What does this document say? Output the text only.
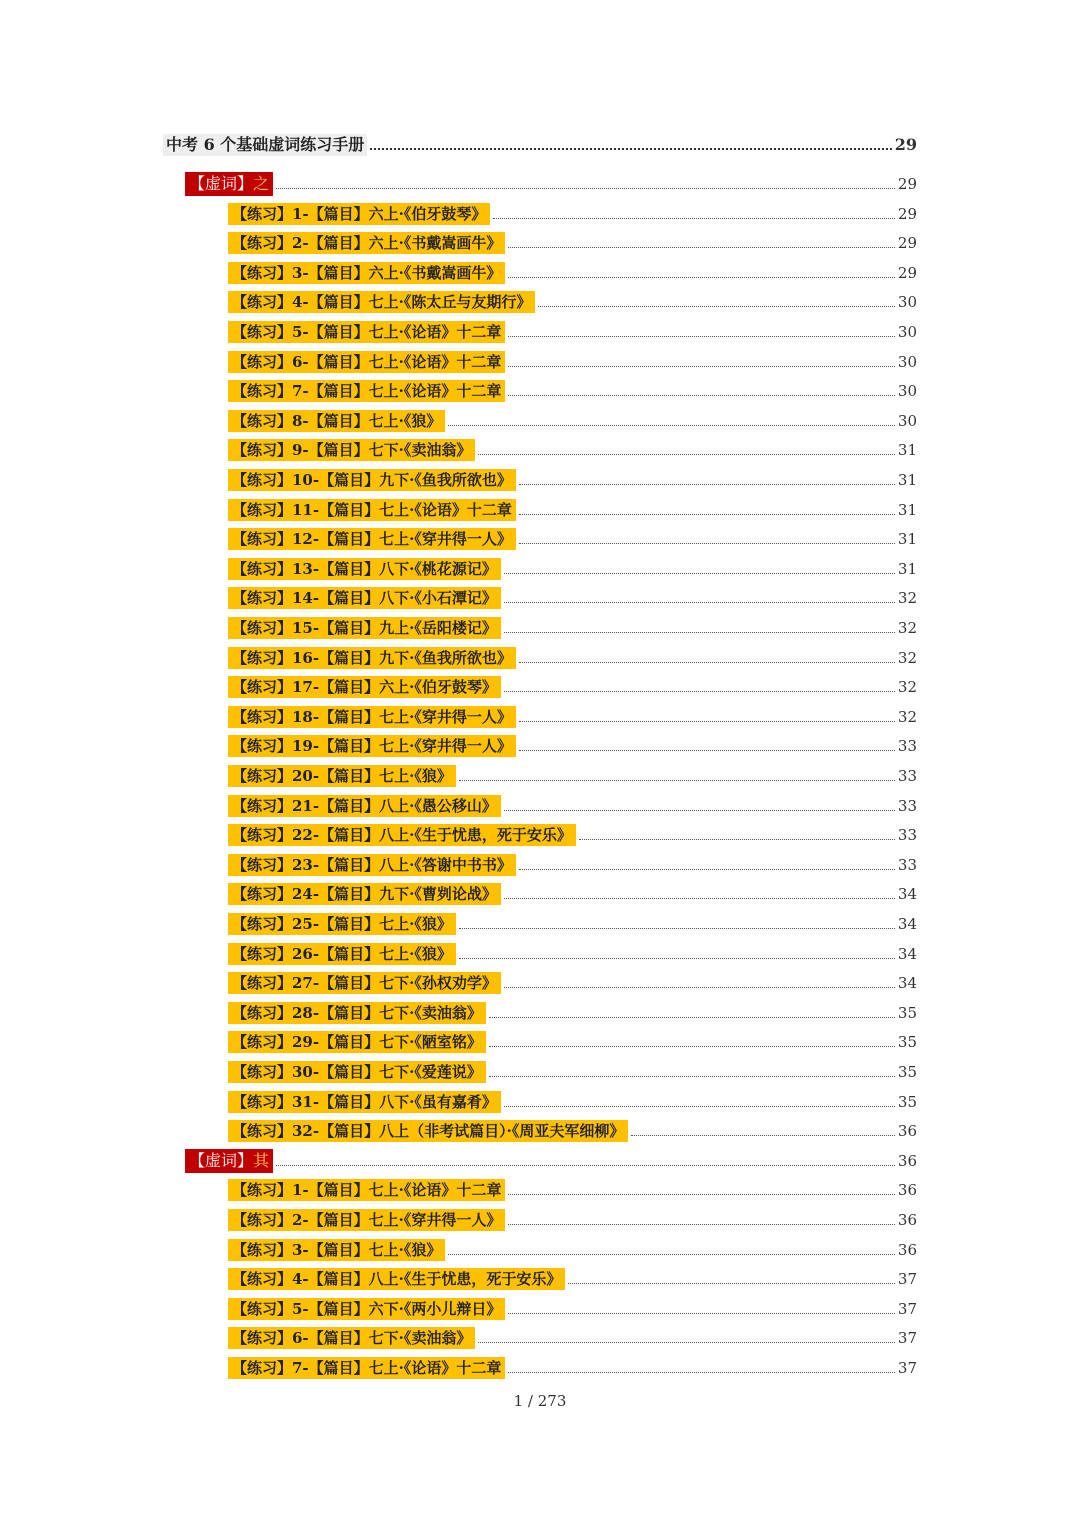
中考 6 个基础虚词练习手册	29
【虚词】之	29
【练习】1-【篇目】六上·《伯牙鼓琴》	29
【练习】2-【篇目】六上·《书戴嵩画牛》	29
【练习】3-【篇目】六上·《书戴嵩画牛》	29
【练习】4-【篇目】七上·《陈太丘与友期行》	30
【练习】5-【篇目】七上·《论语》十二章	30
【练习】6-【篇目】七上·《论语》十二章	30
【练习】7-【篇目】七上·《论语》十二章	30
【练习】8-【篇目】七上·《狼》	30
【练习】9-【篇目】七下·《卖油翁》	31
【练习】10-【篇目】九下·《鱼我所欲也》	31
【练习】11-【篇目】七上·《论语》十二章	31
【练习】12-【篇目】七上·《穿井得一人》	31
【练习】13-【篇目】八下·《桃花源记》	31
【练习】14-【篇目】八下·《小石潭记》	32
【练习】15-【篇目】九上·《岳阳楼记》	32
【练习】16-【篇目】九下·《鱼我所欲也》	32
【练习】17-【篇目】六上·《伯牙鼓琴》	32
【练习】18-【篇目】七上·《穿井得一人》	32
【练习】19-【篇目】七上·《穿井得一人》	33
【练习】20-【篇目】七上·《狼》	33
【练习】21-【篇目】八上·《愚公移山》	33
【练习】22-【篇目】八上·《生于忧患，死于安乐》	33
【练习】23-【篇目】八上·《答谢中书书》	33
【练习】24-【篇目】九下·《曹刿论战》	34
【练习】25-【篇目】七上·《狼》	34
【练习】26-【篇目】七上·《狼》	34
【练习】27-【篇目】七下·《孙权劝学》	34
【练习】28-【篇目】七下·《卖油翁》	35
【练习】29-【篇目】七下·《陋室铭》	35
【练习】30-【篇目】七下·《爱莲说》	35
【练习】31-【篇目】八下·《虽有嘉肴》	35
【练习】32-【篇目】八上（非考试篇目）·《周亚夫军细柳》	36
【虚词】其	36
【练习】1-【篇目】七上·《论语》十二章	36
【练习】2-【篇目】七上·《穿井得一人》	36
【练习】3-【篇目】七上·《狼》	36
【练习】4-【篇目】八上·《生于忧患，死于安乐》	37
【练习】5-【篇目】六下·《两小儿辩日》	37
【练习】6-【篇目】七下·《卖油翁》	37
【练习】7-【篇目】七上·《论语》十二章	37
1 / 273
